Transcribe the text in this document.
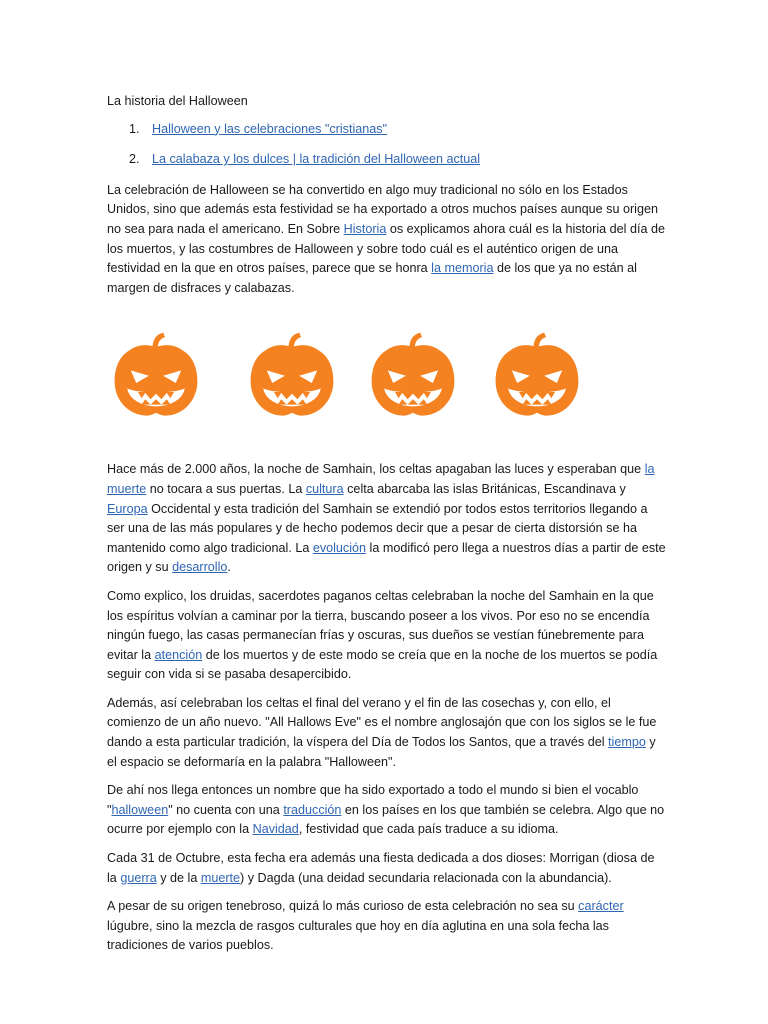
La historia del Halloween
1. Halloween y las celebraciones "cristianas"
2. La calabaza y los dulces | la tradición del Halloween actual

La celebración de Halloween se ha convertido en algo muy tradicional no sólo en los Estados Unidos, sino que además esta festividad se ha exportado a otros muchos países aunque su origen no sea para nada el americano. En Sobre Historia os explicamos ahora cuál es la historia del día de los muertos, y las costumbres de Halloween y sobre todo cuál es el auténtico origen de una festividad en la que en otros países, parece que se honra la memoria de los que ya no están al margen de disfraces y calabazas.

Hace más de 2.000 años, la noche de Samhain, los celtas apagaban las luces y esperaban que la muerte no tocara a sus puertas. La cultura celta abarcaba las islas Británicas, Escandinava y Europa Occidental y esta tradición del Samhain se extendió por todos estos territorios llegando a ser una de las más populares y de hecho podemos decir que a pesar de cierta distorsión se ha mantenido como algo tradicional. La evolución la modificó pero llega a nuestros días a partir de este origen y su desarrollo.

Como explico, los druidas, sacerdotes paganos celtas celebraban la noche del Samhain en la que los espíritus volvían a caminar por la tierra, buscando poseer a los vivos. Por eso no se encendía ningún fuego, las casas permanecían frías y oscuras, sus dueños se vestían fúnebremente para evitar la atención de los muertos y de este modo se creía que en la noche de los muertos se podía seguir con vida si se pasaba desapercibido.

Además, así celebraban los celtas el final del verano y el fin de las cosechas y, con ello, el comienzo de un año nuevo. "All Hallows Eve" es el nombre anglosajón que con los siglos se le fue dando a esta particular tradición, la víspera del Día de Todos los Santos, que a través del tiempo y el espacio se deformaría en la palabra "Halloween".

De ahí nos llega entonces un nombre que ha sido exportado a todo el mundo si bien el vocablo "halloween" no cuenta con una traducción en los países en los que también se celebra. Algo que no ocurre por ejemplo con la Navidad, festividad que cada país traduce a su idioma.

Cada 31 de Octubre, esta fecha era además una fiesta dedicada a dos dioses: Morrigan (diosa de la guerra y de la muerte) y Dagda (una deidad secundaria relacionada con la abundancia).

A pesar de su origen tenebroso, quizá lo más curioso de esta celebración no sea su carácter lúgubre, sino la mezcla de rasgos culturales que hoy en día aglutina en una sola fecha las tradiciones de varios pueblos.
